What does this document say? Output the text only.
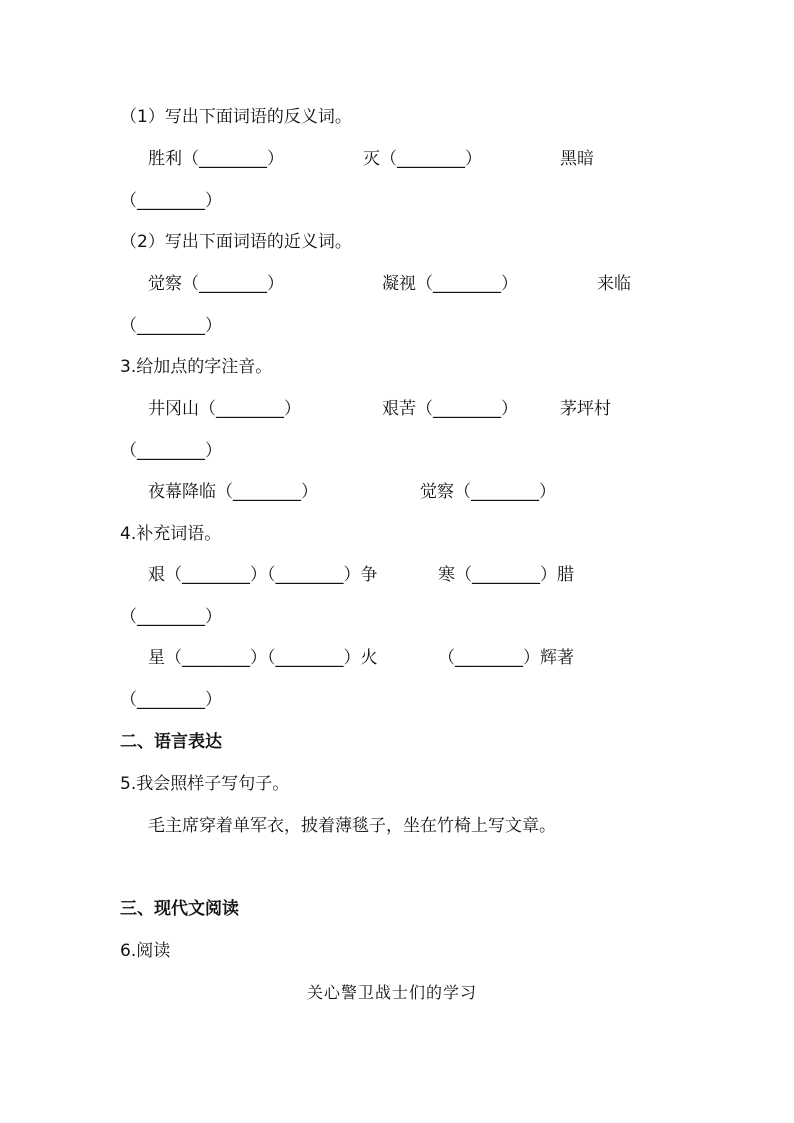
（1）写出下面词语的反义词。
胜利（________）	灭（________）	黑暗
（________）
（2）写出下面词语的近义词。
觉察（________）	凝视（________）	来临
（________）
3.给加点的字注音。
井冈山（________）	艰苦（________） 茅坪村
（________）
夜幕降临（________）	觉察（________）
4.补充词语。
艰（________）（________）争	寒（________）腊
（________）
星（________）（________）火	（________）辉著
（________）
二、语言表达
5.我会照样子写句子。
毛主席穿着单军衣，披着薄毯子，坐在竹椅上写文章。
三、现代文阅读
6.阅读
关心警卫战士们的学习
